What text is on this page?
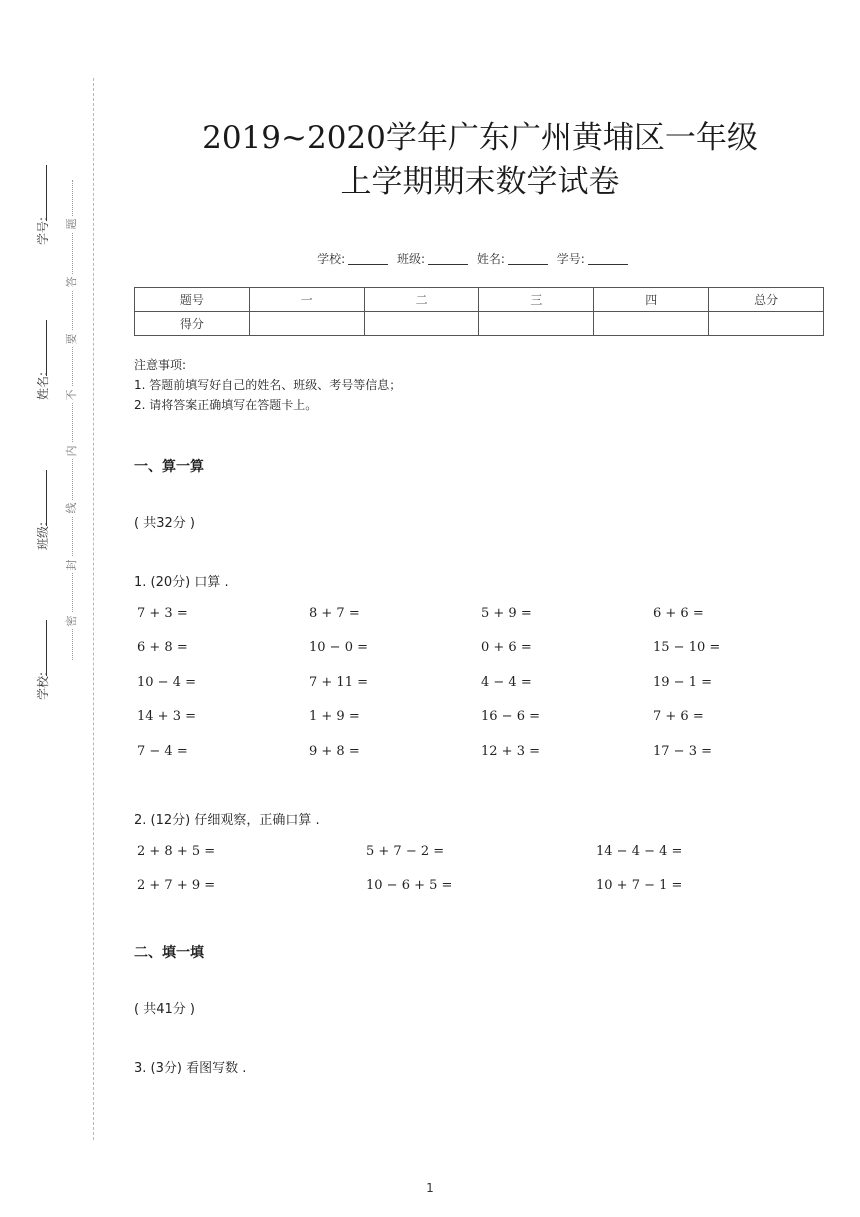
学号:
姓名:
班级:
学校:
题
答
要
不
内
线
封
密
2019~2020学年广东广州黄埔区一年级
上学期期末数学试卷
学校:	班级:	姓名:	学号:
题号	一	二	三	四	总分
得分					
注意事项:
1. 答题前填写好自己的姓名、班级、考号等信息；
2. 请将答案正确填写在答题卡上。
一、算一算
( 共32分 )
1. (20分) 口算 .
7 + 3 =	8 + 7 =	5 + 9 =	6 + 6 =
6 + 8 =	10 − 0 =	0 + 6 =	15 − 10 =
10 − 4 =	7 + 11 =	4 − 4 =	19 − 1 =
14 + 3 =	1 + 9 =	16 − 6 =	7 + 6 =
7 − 4 =	9 + 8 =	12 + 3 =	17 − 3 =
2. (12分) 仔细观察，正确口算 .
2 + 8 + 5 =	5 + 7 − 2 =	14 − 4 − 4 =
2 + 7 + 9 =	10 − 6 + 5 =	10 + 7 − 1 =
二、填一填
( 共41分 )
3. (3分) 看图写数 .
1
